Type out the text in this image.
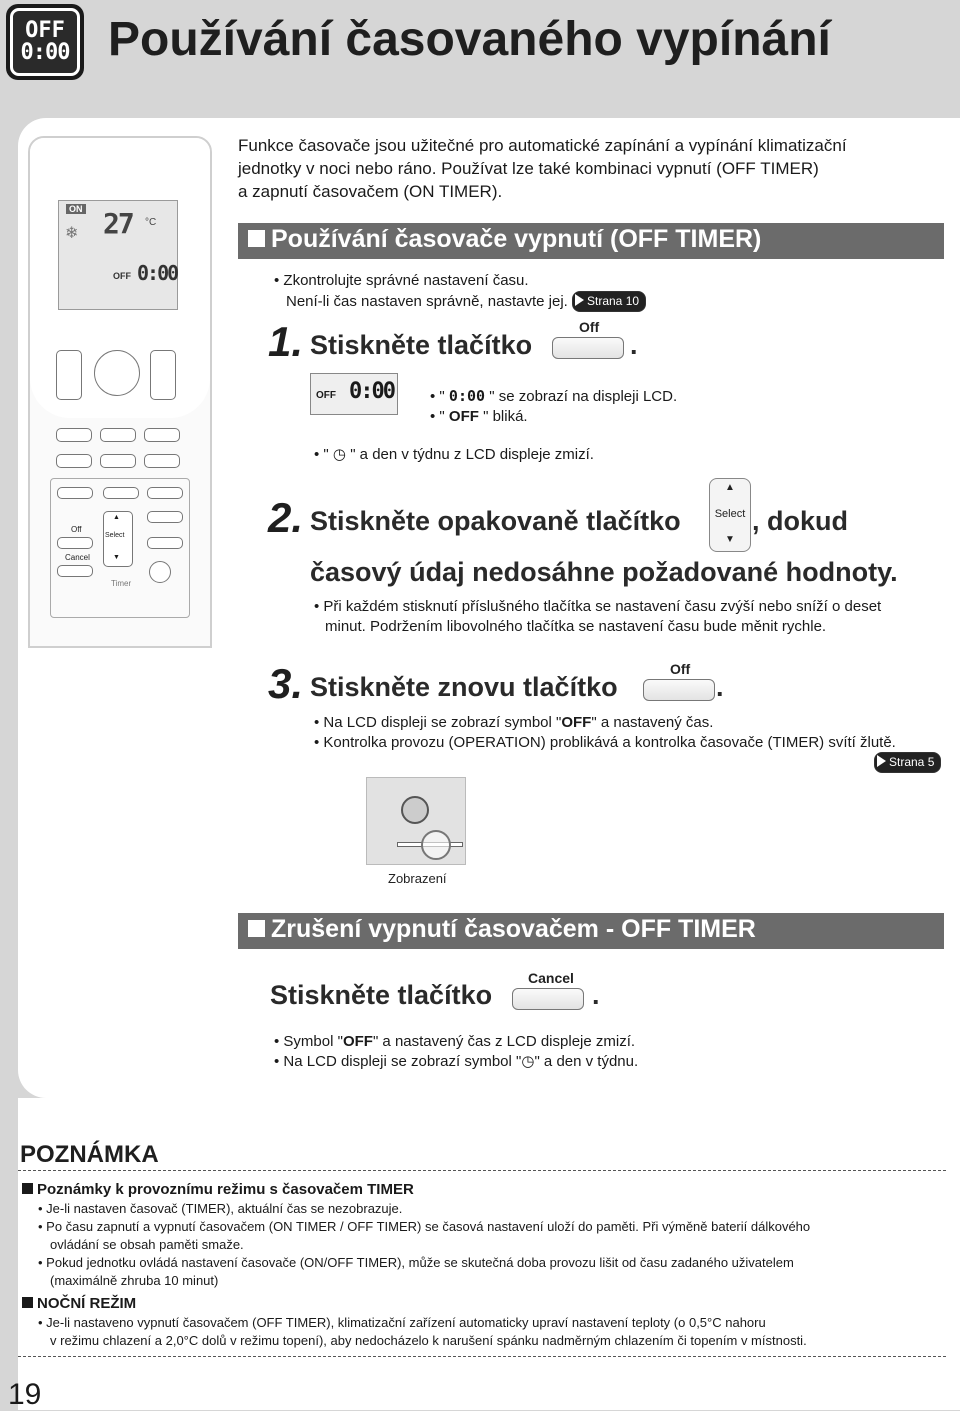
OFF
0:00 Používání časovaného vypínání
ON
❄ 27 °C
OFF 0:00
Off
▲
Select
▼
Cancel
Timer
Funkce časovače jsou užitečné pro automatické zapínání a vypínání klimatizační
jednotky v noci nebo ráno. Používat lze také kombinaci vypnutí (OFF TIMER)
a zapnutí časovačem (ON TIMER).
Používání časovače vypnutí (OFF TIMER)
• Zkontrolujte správné nastavení času.
Není-li čas nastaven správně, nastavte jej. Strana 10
1. Stiskněte tlačítko
Off
.
OFF 0:00 • " 0:00 " se zobrazí na displeji LCD.
• " OFF " bliká.
• " ◷ " a den v týdnu z LCD displeje zmizí.
2. Stiskněte opakovaně tlačítko
▲
Select
▼
, dokud
časový údaj nedosáhne požadované hodnoty.
• Při každém stisknutí příslušného tlačítka se nastavení času zvýší nebo sníží o deset
minut. Podržením libovolného tlačítka se nastavení času bude měnit rychle.
3. Stiskněte znovu tlačítko
Off
.
• Na LCD displeji se zobrazí symbol "OFF" a nastavený čas.
• Kontrolka provozu (OPERATION) problikává a kontrolka časovače (TIMER) svítí žlutě.
Strana 5
Zobrazení
Zrušení vypnutí časovačem - OFF TIMER
Stiskněte tlačítko
Cancel
.
• Symbol "OFF" a nastavený čas z LCD displeje zmizí.
• Na LCD displeji se zobrazí symbol "◷" a den v týdnu.
POZNÁMKA
Poznámky k provoznímu režimu s časovačem TIMER
• Je-li nastaven časovač (TIMER), aktuální čas se nezobrazuje.
• Po času zapnutí a vypnutí časovačem (ON TIMER / OFF TIMER) se časová nastavení uloží do paměti. Při výměně baterií dálkového
ovládání se obsah paměti smaže.
• Pokud jednotku ovládá nastavení časovače (ON/OFF TIMER), může se skutečná doba provozu lišit od času zadaného uživatelem
(maximálně zhruba 10 minut)
NOČNÍ REŽIM
• Je-li nastaveno vypnutí časovačem (OFF TIMER), klimatizační zařízení automaticky upraví nastavení teploty (o 0,5°C nahoru
v režimu chlazení a 2,0°C dolů v režimu topení), aby nedocházelo k narušení spánku nadměrným chlazením či topením v místnosti.
19
